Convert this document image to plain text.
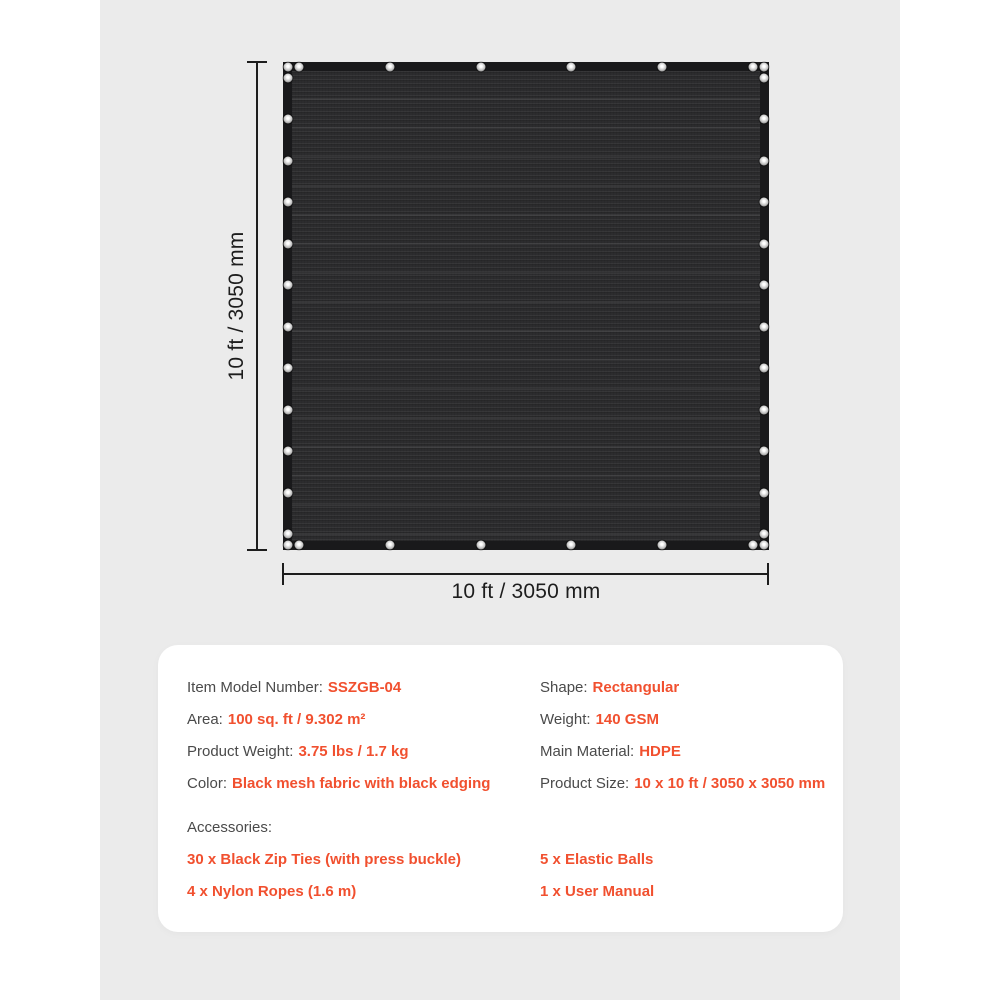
10 ft / 3050 mm
10 ft / 3050 mm
Item Model Number: SSZGB-04
Area: 100 sq. ft / 9.302 m²
Product Weight: 3.75 lbs / 1.7 kg
Color: Black mesh fabric with black edging
Accessories:
30 x Black Zip Ties (with press buckle)
4 x Nylon Ropes (1.6 m)
Shape: Rectangular
Weight: 140 GSM
Main Material: HDPE
Product Size: 10 x 10 ft / 3050 x 3050 mm
5 x Elastic Balls
1 x User Manual
